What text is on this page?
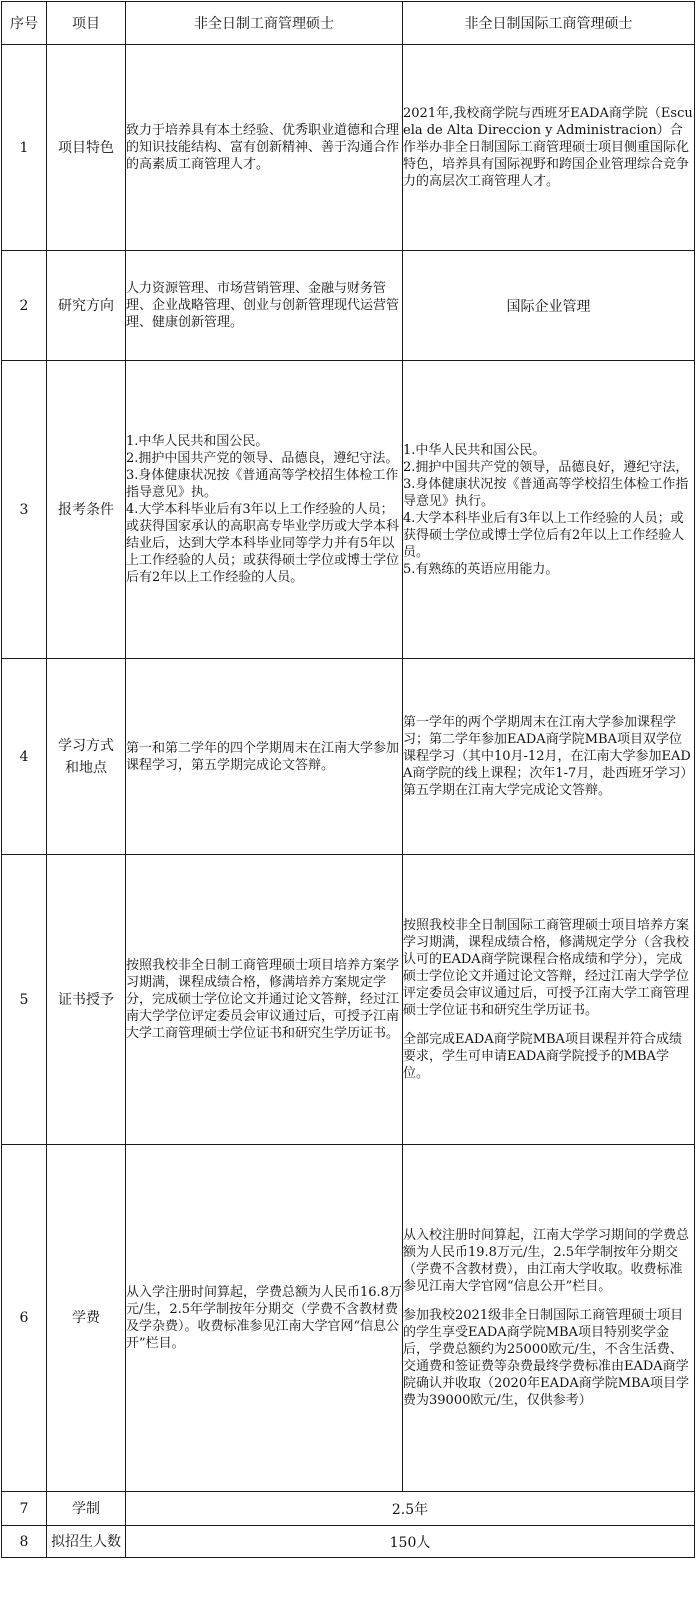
序号	项目	非全日制工商管理硕士	非全日制国际工商管理硕士
1	项目特色	致力于培养具有本土经验、优秀职业道德和合理的知识技能结构、富有创新精神、善于沟通合作的高素质工商管理人才。	2021年,我校商学院与西班牙EADA商学院（Escuela de Alta Direccion y Administracion）合作举办非全日制国际工商管理硕士项目侧重国际化特色，培养具有国际视野和跨国企业管理综合竞争力的高层次工商管理人才。
2	研究方向	人力资源管理、市场营销管理、金融与财务管理、企业战略管理、创业与创新管理现代运营管理、健康创新管理。	国际企业管理
3	报考条件	1.中华人民共和国公民。
2.拥护中国共产党的领导、品德良，遵纪守法。
3.身体健康状况按《普通高等学校招生体检工作指导意见》执。
4.大学本科毕业后有3年以上工作经验的人员；或获得国家承认的高职高专毕业学历或大学本科结业后，达到大学本科毕业同等学力并有5年以上工作经验的人员；或获得硕士学位或博士学位后有2年以上工作经验的人员。	1.中华人民共和国公民。
2.拥护中国共产党的领导，品德良好，遵纪守法，
3.身体健康状况按《普通高等学校招生体检工作指导意见》执行。
4.大学本科毕业后有3年以上工作经验的人员；或获得硕士学位或博士学位后有2年以上工作经验人员。
5.有熟练的英语应用能力。

4	学习方式
和地点	第一和第二学年的四个学期周末在江南大学参加课程学习，第五学期完成论文答辩。	第一学年的两个学期周末在江南大学参加课程学习；第二学年参加EADA商学院MBA项目双学位课程学习（其中10月-12月，在江南大学参加EADA商学院的线上课程；次年1-7月，赴西班牙学习）第五学期在江南大学完成论文答辩。
5	证书授予	按照我校非全日制工商管理硕士项目培养方案学习期满，课程成绩合格，修满培养方案规定学分，完成硕士学位论文并通过论文答辩，经过江南大学学位评定委员会审议通过后，可授予江南大学工商管理硕士学位证书和研究生学历证书。	按照我校非全日制国际工商管理硕士项目培养方案学习期满，课程成绩合格，修满规定学分（含我校认可的EADA商学院课程合格成绩和学分），完成硕士学位论文并通过论文答辩，经过江南大学学位评定委员会审议通过后，可授予江南大学工商管理硕士学位证书和研究生学历证书。

全部完成EADA商学院MBA项目课程并符合成绩要求，学生可申请EADA商学院授予的MBA学位。

6	学费	从入学注册时间算起，学费总额为人民币16.8万元/生，2.5年学制按年分期交（学费不含教材费及学杂费）。收费标准参见江南大学官网“信息公开”栏目。	从入校注册时间算起，江南大学学习期间的学费总额为人民币19.8万元/生，2.5年学制按年分期交（学费不含教材费），由江南大学收取。收费标准参见江南大学官网“信息公开”栏目。

参加我校2021级非全日制国际工商管理硕士项目的学生享受EADA商学院MBA项目特别奖学金后，学费总额约为25000欧元/生，不含生活费、交通费和签证费等杂费最终学费标准由EADA商学院确认并收取（2020年EADA商学院MBA项目学费为39000欧元/生，仅供参考）

7	学制	2.5年	
8	拟招生人数	150人	
